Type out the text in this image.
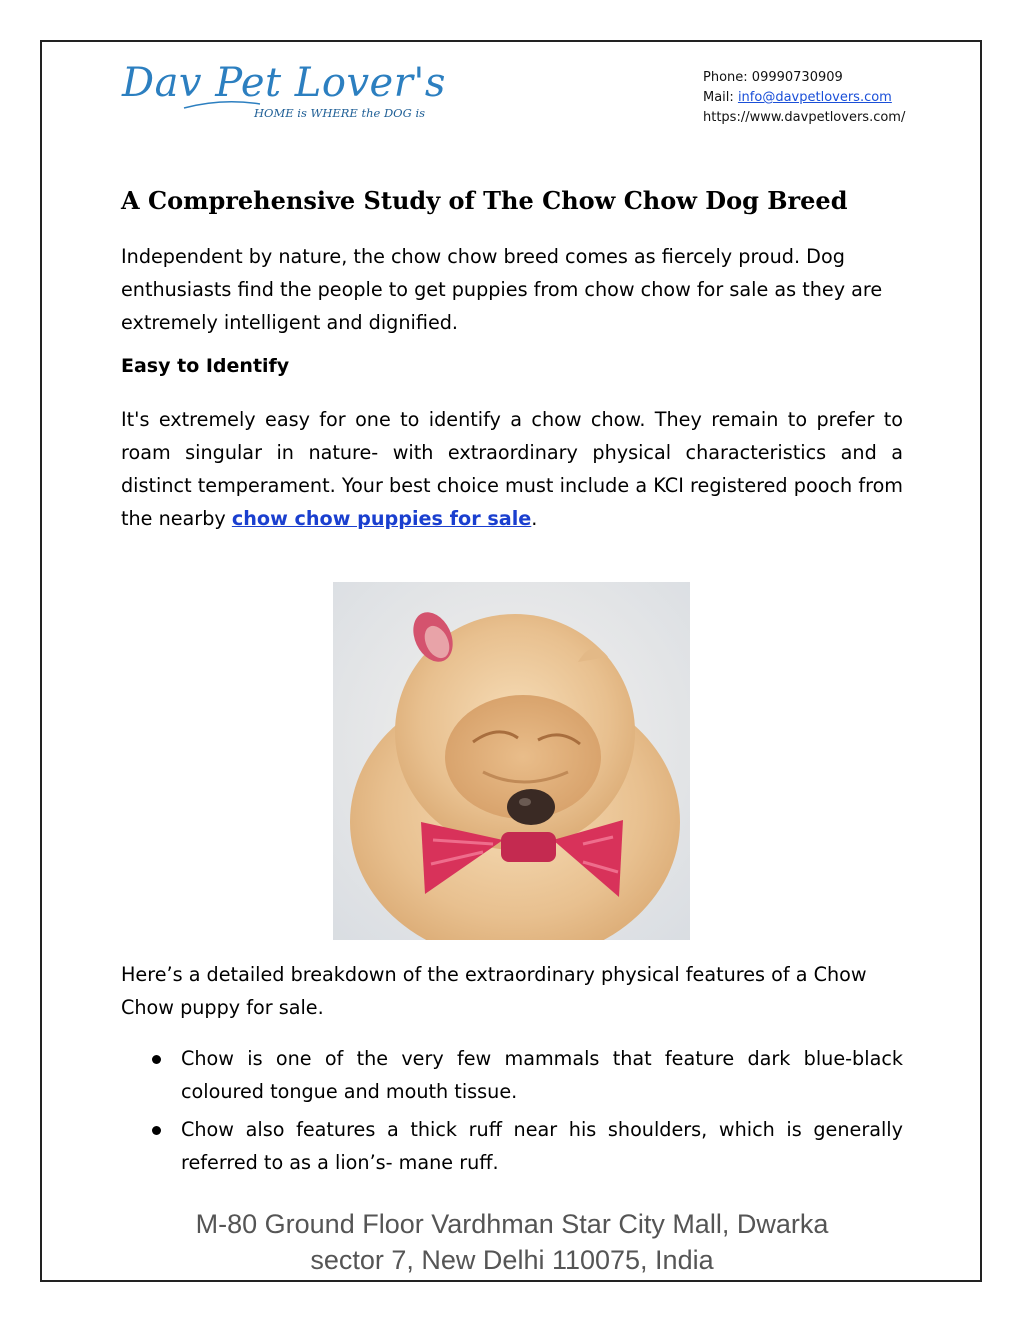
Dav Pet Lover's
HOME is WHERE the DOG is
Phone: 09990730909
Mail: info@davpetlovers.com
https://www.davpetlovers.com/
A Comprehensive Study of The Chow Chow Dog Breed

Independent by nature, the chow chow breed comes as fiercely proud. Dog enthusiasts find the people to get puppies from chow chow for sale as they are extremely intelligent and dignified.

Easy to Identify

It's extremely easy for one to identify a chow chow. They remain to prefer to roam singular in nature- with extraordinary physical characteristics and a distinct temperament. Your best choice must include a KCI registered pooch from the nearby chow chow puppies for sale.

Here’s a detailed breakdown of the extraordinary physical features of a Chow Chow puppy for sale.

Chow is one of the very few mammals that feature dark blue-black coloured tongue and mouth tissue.
Chow also features a thick ruff near his shoulders, which is generally referred to as a lion’s- mane ruff.
M-80 Ground Floor Vardhman Star City Mall, Dwarka
sector 7, New Delhi 110075, India
